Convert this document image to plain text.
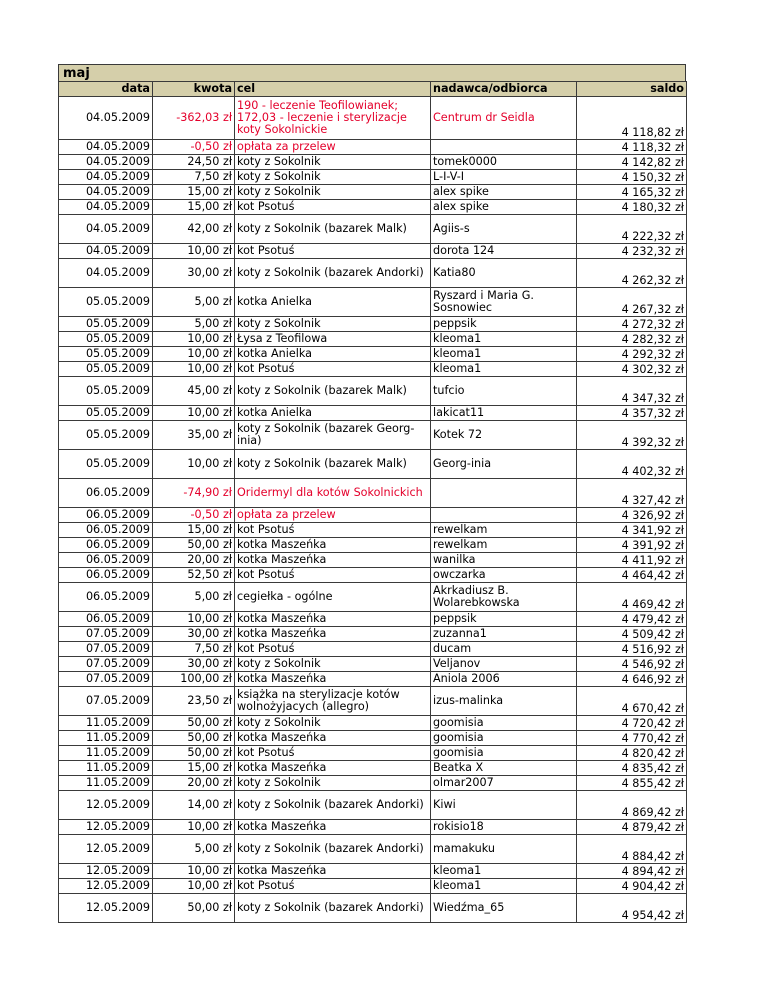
maj
data	kwota	cel	nadawca/odbiorca	saldo
04.05.2009	-362,03 zł	190 - leczenie Teofilowianek; 172,03 - leczenie i sterylizacje koty Sokolnickie	Centrum dr Seidla	4 118,82 zł
04.05.2009	-0,50 zł	opłata za przelew		4 118,32 zł
04.05.2009	24,50 zł	koty z Sokolnik	tomek0000	4 142,82 zł
04.05.2009	7,50 zł	koty z Sokolnik	L-I-V-I	4 150,32 zł
04.05.2009	15,00 zł	koty z Sokolnik	alex spike	4 165,32 zł
04.05.2009	15,00 zł	kot Psotuś	alex spike	4 180,32 zł
04.05.2009	42,00 zł	koty z Sokolnik (bazarek Malk)	Agiis-s	4 222,32 zł
04.05.2009	10,00 zł	kot Psotuś	dorota 124	4 232,32 zł
04.05.2009	30,00 zł	koty z Sokolnik (bazarek Andorki)	Katia80	4 262,32 zł
05.05.2009	5,00 zł	kotka Anielka	Ryszard i Maria G. Sosnowiec	4 267,32 zł
05.05.2009	5,00 zł	koty z Sokolnik	peppsik	4 272,32 zł
05.05.2009	10,00 zł	Łysa z Teofilowa	kleoma1	4 282,32 zł
05.05.2009	10,00 zł	kotka Anielka	kleoma1	4 292,32 zł
05.05.2009	10,00 zł	kot Psotuś	kleoma1	4 302,32 zł
05.05.2009	45,00 zł	koty z Sokolnik (bazarek Malk)	tufcio	4 347,32 zł
05.05.2009	10,00 zł	kotka Anielka	lakicat11	4 357,32 zł
05.05.2009	35,00 zł	koty z Sokolnik (bazarek Georg-inia)	Kotek 72	4 392,32 zł
05.05.2009	10,00 zł	koty z Sokolnik (bazarek Malk)	Georg-inia	4 402,32 zł
06.05.2009	-74,90 zł	Oridermyl dla kotów Sokolnickich		4 327,42 zł
06.05.2009	-0,50 zł	opłata za przelew		4 326,92 zł
06.05.2009	15,00 zł	kot Psotuś	rewelkam	4 341,92 zł
06.05.2009	50,00 zł	kotka Maszeńka	rewelkam	4 391,92 zł
06.05.2009	20,00 zł	kotka Maszeńka	wanilka	4 411,92 zł
06.05.2009	52,50 zł	kot Psotuś	owczarka	4 464,42 zł
06.05.2009	5,00 zł	cegiełka - ogólne	Akrkadiusz B. Wolarebkowska	4 469,42 zł
06.05.2009	10,00 zł	kotka Maszeńka	peppsik	4 479,42 zł
07.05.2009	30,00 zł	kotka Maszeńka	zuzanna1	4 509,42 zł
07.05.2009	7,50 zł	kot Psotuś	ducam	4 516,92 zł
07.05.2009	30,00 zł	koty z Sokolnik	Veljanov	4 546,92 zł
07.05.2009	100,00 zł	kotka Maszeńka	Aniola 2006	4 646,92 zł
07.05.2009	23,50 zł	książka na sterylizacje kotów wolnożyjacych (allegro)	izus-malinka	4 670,42 zł
11.05.2009	50,00 zł	koty z Sokolnik	goomisia	4 720,42 zł
11.05.2009	50,00 zł	kotka Maszeńka	goomisia	4 770,42 zł
11.05.2009	50,00 zł	kot Psotuś	goomisia	4 820,42 zł
11.05.2009	15,00 zł	kotka Maszeńka	Beatka X	4 835,42 zł
11.05.2009	20,00 zł	koty z Sokolnik	olmar2007	4 855,42 zł
12.05.2009	14,00 zł	koty z Sokolnik (bazarek Andorki)	Kiwi	4 869,42 zł
12.05.2009	10,00 zł	kotka Maszeńka	rokisio18	4 879,42 zł
12.05.2009	5,00 zł	koty z Sokolnik (bazarek Andorki)	mamakuku	4 884,42 zł
12.05.2009	10,00 zł	kotka Maszeńka	kleoma1	4 894,42 zł
12.05.2009	10,00 zł	kot Psotuś	kleoma1	4 904,42 zł
12.05.2009	50,00 zł	koty z Sokolnik (bazarek Andorki)	Wiedźma_65	4 954,42 zł
